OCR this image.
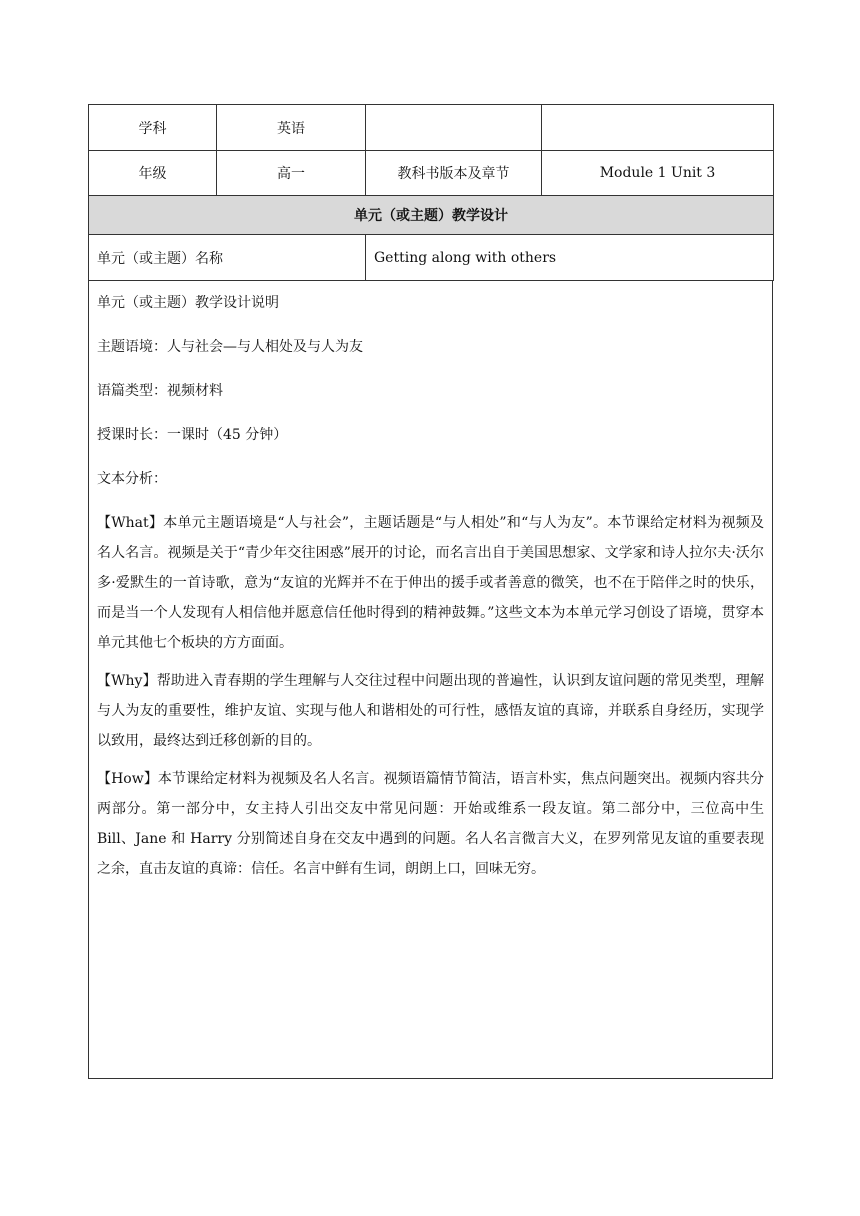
学科	英语		
年级	高一	教科书版本及章节	Module 1 Unit 3
单元（或主题）教学设计			
单元（或主题）名称		Getting along with others	

单元（或主题）教学设计说明

主题语境：人与社会—与人相处及与人为友

语篇类型：视频材料

授课时长：一课时（45 分钟）

文本分析：

【What】本单元主题语境是“人与社会”，主题话题是“与人相处”和“与人为友”。本节课给定材料为视频及名人名言。视频是关于“青少年交往困惑”展开的讨论，而名言出自于美国思想家、文学家和诗人拉尔夫·沃尔多·爱默生的一首诗歌，意为“友谊的光辉并不在于伸出的援手或者善意的微笑，也不在于陪伴之时的快乐，而是当一个人发现有人相信他并愿意信任他时得到的精神鼓舞。”这些文本为本单元学习创设了语境，贯穿本单元其他七个板块的方方面面。

【Why】帮助进入青春期的学生理解与人交往过程中问题出现的普遍性，认识到友谊问题的常见类型，理解与人为友的重要性，维护友谊、实现与他人和谐相处的可行性，感悟友谊的真谛，并联系自身经历，实现学以致用，最终达到迁移创新的目的。

【How】本节课给定材料为视频及名人名言。视频语篇情节简洁，语言朴实，焦点问题突出。视频内容共分两部分。第一部分中，女主持人引出交友中常见问题：开始或维系一段友谊。第二部分中，三位高中生 Bill、Jane 和 Harry 分别简述自身在交友中遇到的问题。名人名言微言大义，在罗列常见友谊的重要表现之余，直击友谊的真谛：信任。名言中鲜有生词，朗朗上口，回味无穷。
